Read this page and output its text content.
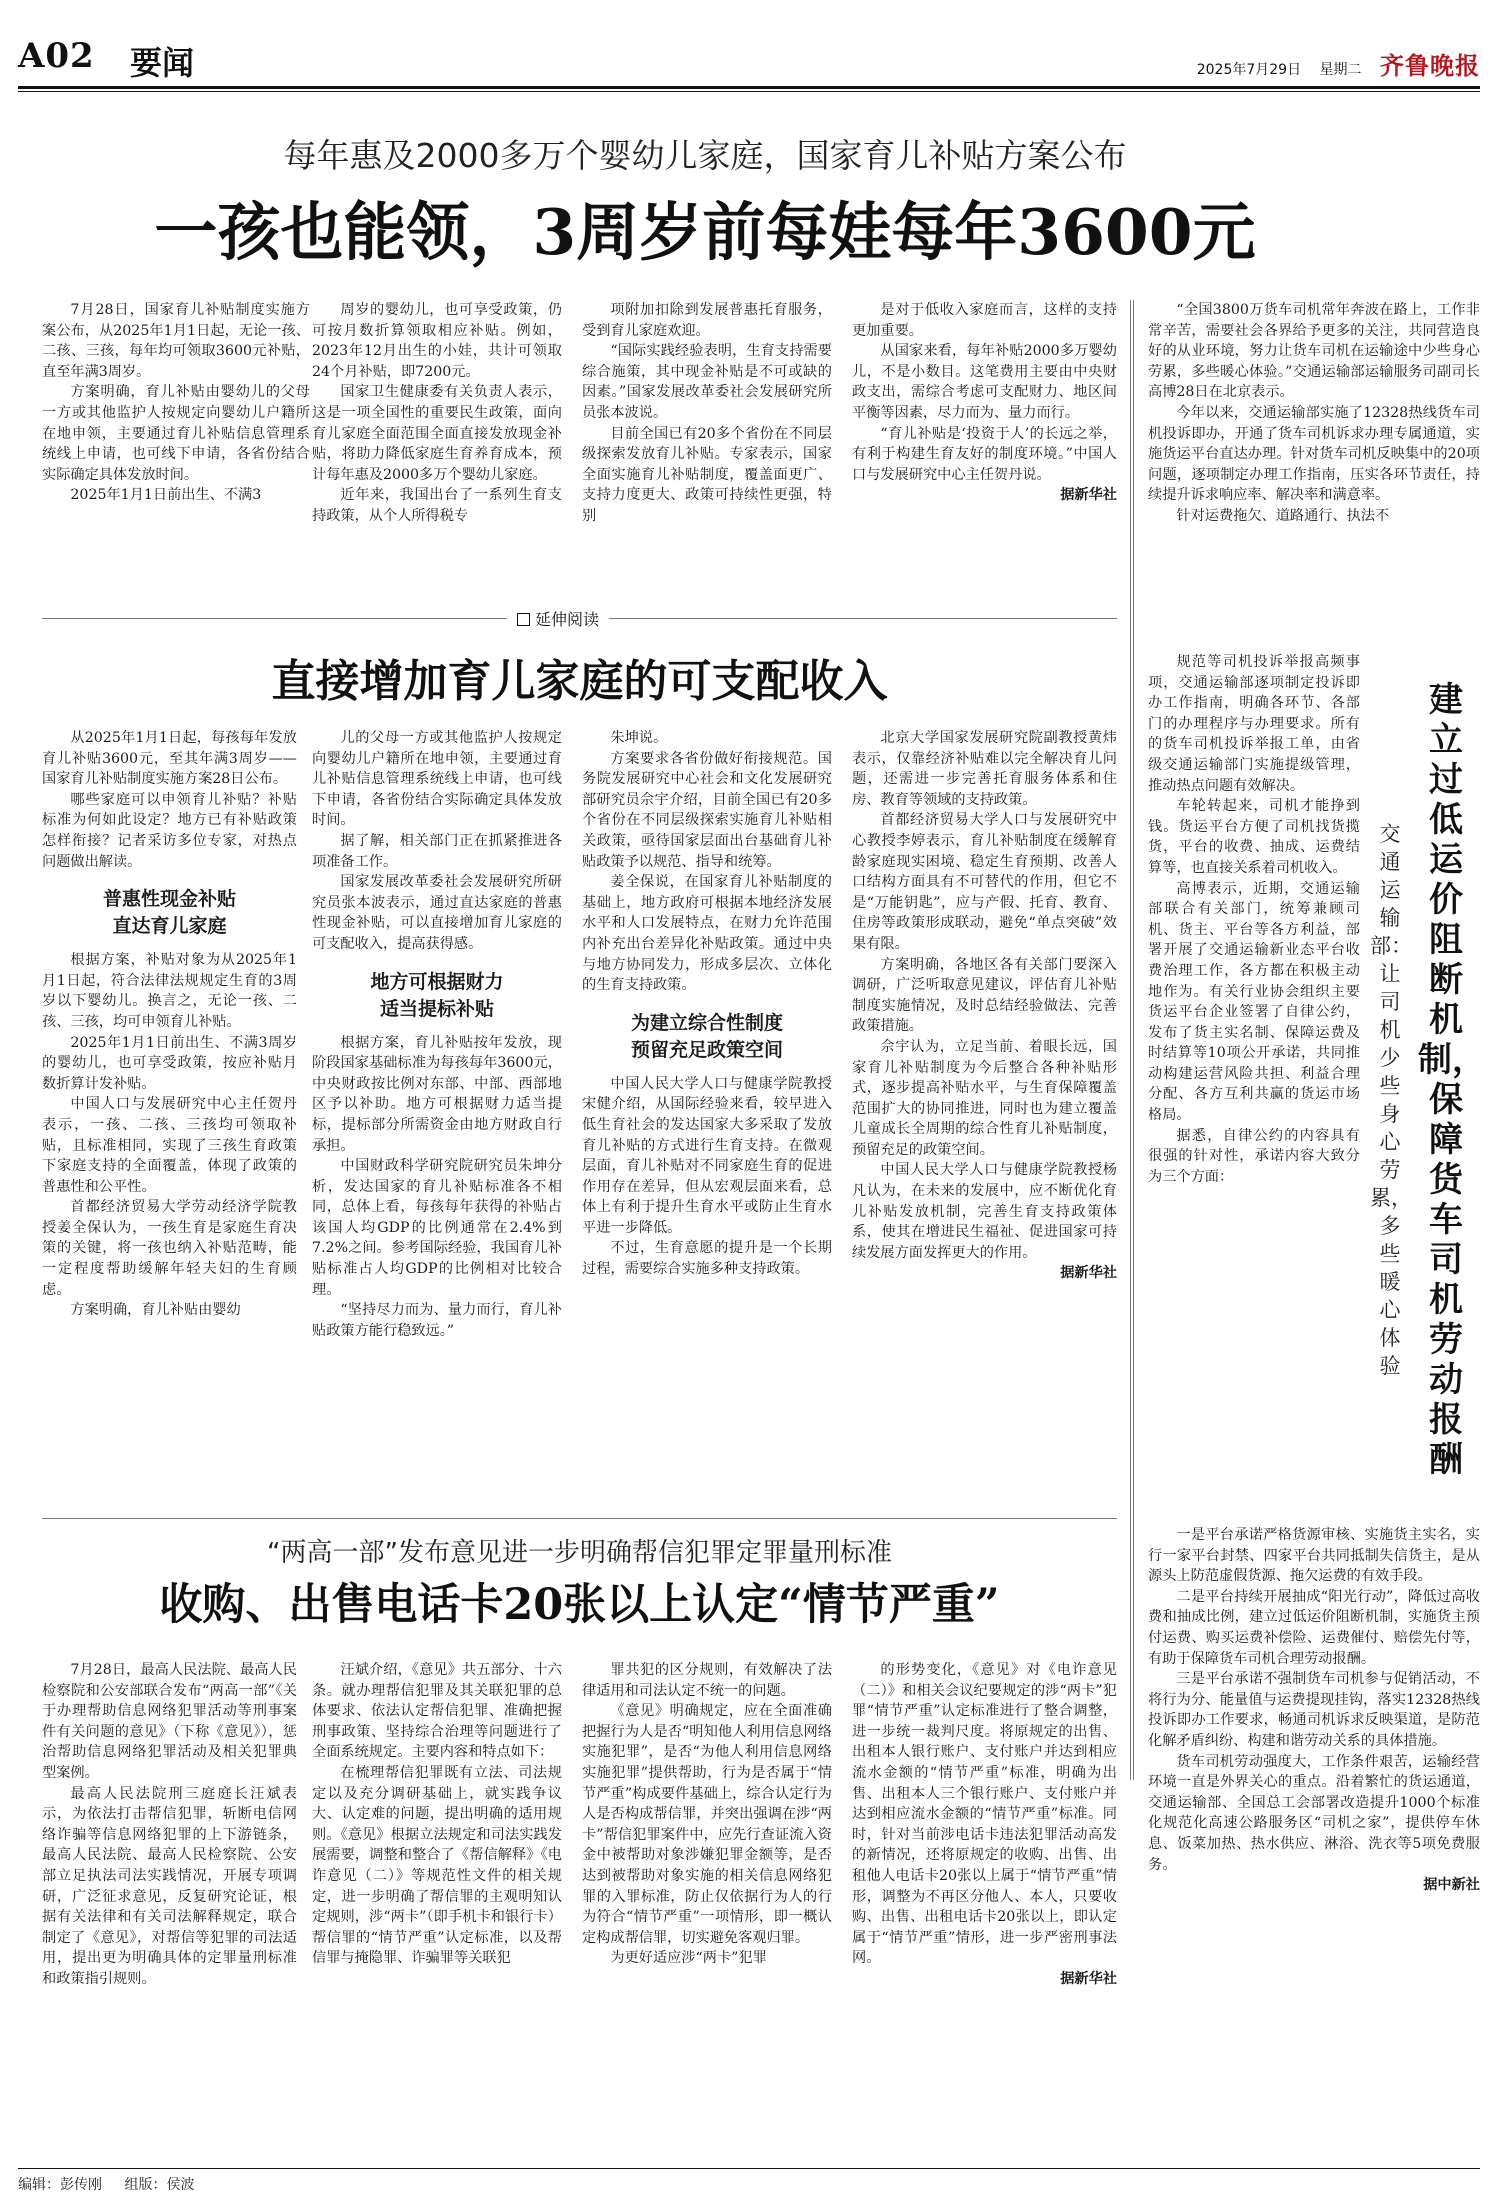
A02 要闻	2025年7月29日 星期二 齐鲁晚报
每年惠及2000多万个婴幼儿家庭，国家育儿补贴方案公布
一孩也能领，3周岁前每娃每年3600元

7月28日，国家育儿补贴制度实施方案公布，从2025年1月1日起，无论一孩、二孩、三孩，每年均可领取3600元补贴，直至年满3周岁。

方案明确，育儿补贴由婴幼儿的父母一方或其他监护人按规定向婴幼儿户籍所在地申领，主要通过育儿补贴信息管理系统线上申请，也可线下申请，各省份结合实际确定具体发放时间。

2025年1月1日前出生、不满3

周岁的婴幼儿，也可享受政策，仍可按月数折算领取相应补贴。例如，2023年12月出生的小娃，共计可领取24个月补贴，即7200元。

国家卫生健康委有关负责人表示，这是一项全国性的重要民生政策，面向育儿家庭全面范围全面直接发放现金补贴，将助力降低家庭生育养育成本，预计每年惠及2000多万个婴幼儿家庭。

近年来，我国出台了一系列生育支持政策，从个人所得税专

项附加扣除到发展普惠托育服务，受到育儿家庭欢迎。

“国际实践经验表明，生育支持需要综合施策，其中现金补贴是不可或缺的因素。”国家发展改革委社会发展研究所员张本波说。

目前全国已有20多个省份在不同层级探索发放育儿补贴。专家表示，国家全面实施育儿补贴制度，覆盖面更广、支持力度更大、政策可持续性更强，特别

是对于低收入家庭而言，这样的支持更加重要。

从国家来看，每年补贴2000多万婴幼儿，不是小数目。这笔费用主要由中央财政支出，需综合考虑可支配财力、地区间平衡等因素，尽力而为、量力而行。

“育儿补贴是‘投资于人’的长远之举，有利于构建生育友好的制度环境。”中国人口与发展研究中心主任贺丹说。

据新华社

延伸阅读
直接增加育儿家庭的可支配收入

从2025年1月1日起，每孩每年发放育儿补贴3600元，至其年满3周岁——国家育儿补贴制度实施方案28日公布。

哪些家庭可以申领育儿补贴？补贴标准为何如此设定？地方已有补贴政策怎样衔接？记者采访多位专家，对热点问题做出解读。

普惠性现金补贴
直达育儿家庭

根据方案，补贴对象为从2025年1月1日起，符合法律法规规定生育的3周岁以下婴幼儿。换言之，无论一孩、二孩、三孩，均可申领育儿补贴。

2025年1月1日前出生、不满3周岁的婴幼儿，也可享受政策，按应补贴月数折算计发补贴。

中国人口与发展研究中心主任贺丹表示，一孩、二孩、三孩均可领取补贴，且标准相同，实现了三孩生育政策下家庭支持的全面覆盖，体现了政策的普惠性和公平性。

首都经济贸易大学劳动经济学院教授姜全保认为，一孩生育是家庭生育决策的关键，将一孩也纳入补贴范畴，能一定程度帮助缓解年轻夫妇的生育顾虑。

方案明确，育儿补贴由婴幼

儿的父母一方或其他监护人按规定向婴幼儿户籍所在地申领，主要通过育儿补贴信息管理系统线上申请，也可线下申请，各省份结合实际确定具体发放时间。

据了解，相关部门正在抓紧推进各项准备工作。

国家发展改革委社会发展研究所研究员张本波表示，通过直达家庭的普惠性现金补贴，可以直接增加育儿家庭的可支配收入，提高获得感。

地方可根据财力
适当提标补贴

根据方案，育儿补贴按年发放，现阶段国家基础标准为每孩每年3600元，中央财政按比例对东部、中部、西部地区予以补助。地方可根据财力适当提标，提标部分所需资金由地方财政自行承担。

中国财政科学研究院研究员朱坤分析，发达国家的育儿补贴标准各不相同，总体上看，每孩每年获得的补贴占该国人均GDP的比例通常在2.4%到7.2%之间。参考国际经验，我国育儿补贴标准占人均GDP的比例相对比较合理。

“坚持尽力而为、量力而行，育儿补贴政策方能行稳致远。”

朱坤说。

方案要求各省份做好衔接规范。国务院发展研究中心社会和文化发展研究部研究员佘宇介绍，目前全国已有20多个省份在不同层级探索实施育儿补贴相关政策，亟待国家层面出台基础育儿补贴政策予以规范、指导和统筹。

姜全保说，在国家育儿补贴制度的基础上，地方政府可根据本地经济发展水平和人口发展特点，在财力允许范围内补充出台差异化补贴政策。通过中央与地方协同发力，形成多层次、立体化的生育支持政策。

为建立综合性制度
预留充足政策空间

中国人民大学人口与健康学院教授宋健介绍，从国际经验来看，较早进入低生育社会的发达国家大多采取了发放育儿补贴的方式进行生育支持。在微观层面，育儿补贴对不同家庭生育的促进作用存在差异，但从宏观层面来看，总体上有利于提升生育水平或防止生育水平进一步降低。

不过，生育意愿的提升是一个长期过程，需要综合实施多种支持政策。

北京大学国家发展研究院副教授黄炜表示，仅靠经济补贴难以完全解决育儿问题，还需进一步完善托育服务体系和住房、教育等领域的支持政策。

首都经济贸易大学人口与发展研究中心教授李婷表示，育儿补贴制度在缓解育龄家庭现实困境、稳定生育预期、改善人口结构方面具有不可替代的作用，但它不是“万能钥匙”，应与产假、托育、教育、住房等政策形成联动，避免“单点突破”效果有限。

方案明确，各地区各有关部门要深入调研，广泛听取意见建议，评估育儿补贴制度实施情况，及时总结经验做法、完善政策措施。

佘宇认为，立足当前、着眼长远，国家育儿补贴制度为今后整合各种补贴形式，逐步提高补贴水平，与生育保障覆盖范围扩大的协同推进，同时也为建立覆盖儿童成长全周期的综合性育儿补贴制度，预留充足的政策空间。

中国人民大学人口与健康学院教授杨凡认为，在未来的发展中，应不断优化育儿补贴发放机制，完善生育支持政策体系，使其在增进民生福祉、促进国家可持续发展方面发挥更大的作用。

据新华社

“两高一部”发布意见进一步明确帮信犯罪定罪量刑标准
收购、出售电话卡20张以上认定“情节严重”

7月28日，最高人民法院、最高人民检察院和公安部联合发布“两高一部”《关于办理帮助信息网络犯罪活动等刑事案件有关问题的意见》（下称《意见》），惩治帮助信息网络犯罪活动及相关犯罪典型案例。

最高人民法院刑三庭庭长汪斌表示，为依法打击帮信犯罪，斩断电信网络诈骗等信息网络犯罪的上下游链条，最高人民法院、最高人民检察院、公安部立足执法司法实践情况，开展专项调研，广泛征求意见，反复研究论证，根据有关法律和有关司法解释规定，联合制定了《意见》，对帮信等犯罪的司法适用，提出更为明确具体的定罪量刑标准和政策指引规则。

汪斌介绍，《意见》共五部分、十六条。就办理帮信犯罪及其关联犯罪的总体要求、依法认定帮信犯罪、准确把握刑事政策、坚持综合治理等问题进行了全面系统规定。主要内容和特点如下：

在梳理帮信犯罪既有立法、司法规定以及充分调研基础上，就实践争议大、认定难的问题，提出明确的适用规则。《意见》根据立法规定和司法实践发展需要，调整和整合了《帮信解释》《电诈意见（二）》等规范性文件的相关规定，进一步明确了帮信罪的主观明知认定规则，涉“两卡”（即手机卡和银行卡）帮信罪的“情节严重”认定标准，以及帮信罪与掩隐罪、诈骗罪等关联犯

罪共犯的区分规则，有效解决了法律适用和司法认定不统一的问题。

《意见》明确规定，应在全面准确把握行为人是否“明知他人利用信息网络实施犯罪”，是否“为他人利用信息网络实施犯罪”提供帮助，行为是否属于“情节严重”构成要件基础上，综合认定行为人是否构成帮信罪，并突出强调在涉“两卡”帮信犯罪案件中，应先行查证流入资金中被帮助对象涉嫌犯罪金额等，是否达到被帮助对象实施的相关信息网络犯罪的入罪标准，防止仅依据行为人的行为符合“情节严重”一项情形，即一概认定构成帮信罪，切实避免客观归罪。

为更好适应涉“两卡”犯罪

的形势变化，《意见》对《电诈意见（二）》和相关会议纪要规定的涉“两卡”犯罪“情节严重”认定标准进行了整合调整，进一步统一裁判尺度。将原规定的出售、出租本人银行账户、支付账户并达到相应流水金额的“情节严重”标准，明确为出售、出租本人三个银行账户、支付账户并达到相应流水金额的“情节严重”标准。同时，针对当前涉电话卡违法犯罪活动高发的新情况，还将原规定的收购、出售、出租他人电话卡20张以上属于“情节严重”情形，调整为不再区分他人、本人，只要收购、出售、出租电话卡20张以上，即认定属于“情节严重”情形，进一步严密刑事法网。

据新华社

“全国3800万货车司机常年奔波在路上，工作非常辛苦，需要社会各界给予更多的关注，共同营造良好的从业环境，努力让货车司机在运输途中少些身心劳累，多些暖心体验。”交通运输部运输服务司副司长高博28日在北京表示。

今年以来，交通运输部实施了12328热线货车司机投诉即办，开通了货车司机诉求办理专属通道，实施货运平台直达办理。针对货车司机反映集中的20项问题，逐项制定办理工作指南，压实各环节责任，持续提升诉求响应率、解决率和满意率。

针对运费拖欠、道路通行、执法不

规范等司机投诉举报高频事项，交通运输部逐项制定投诉即办工作指南，明确各环节、各部门的办理程序与办理要求。所有的货车司机投诉举报工单，由省级交通运输部门实施提级管理，推动热点问题有效解决。

车轮转起来，司机才能挣到钱。货运平台方便了司机找货揽货，平台的收费、抽成、运费结算等，也直接关系着司机收入。

高博表示，近期，交通运输部联合有关部门，统筹兼顾司机、货主、平台等各方利益，部署开展了交通运输新业态平台收费治理工作，各方都在积极主动地作为。有关行业协会组织主要货运平台企业签署了自律公约，发布了货主实名制、保障运费及时结算等10项公开承诺，共同推动构建运营风险共担、利益合理分配、各方互利共赢的货运市场格局。

据悉，自律公约的内容具有很强的针对性，承诺内容大致分为三个方面：

建立过低运价阻断机制，保障货车司机劳动报酬
交通运输部：让司机少些身心劳累，多些暖心体验

一是平台承诺严格货源审核、实施货主实名，实行一家平台封禁、四家平台共同抵制失信货主，是从源头上防范虚假货源、拖欠运费的有效手段。

二是平台持续开展抽成“阳光行动”，降低过高收费和抽成比例，建立过低运价阻断机制，实施货主预付运费、购买运费补偿险、运费催付、赔偿先付等，有助于保障货车司机合理劳动报酬。

三是平台承诺不强制货车司机参与促销活动，不将行为分、能量值与运费提现挂钩，落实12328热线投诉即办工作要求，畅通司机诉求反映渠道，是防范化解矛盾纠纷、构建和谐劳动关系的具体措施。

货车司机劳动强度大，工作条件艰苦，运输经营环境一直是外界关心的重点。沿着繁忙的货运通道，交通运输部、全国总工会部署改造提升1000个标准化规范化高速公路服务区“司机之家”，提供停车休息、饭菜加热、热水供应、淋浴、洗衣等5项免费服务。

据中新社

编辑：彭传刚 组版：侯波
